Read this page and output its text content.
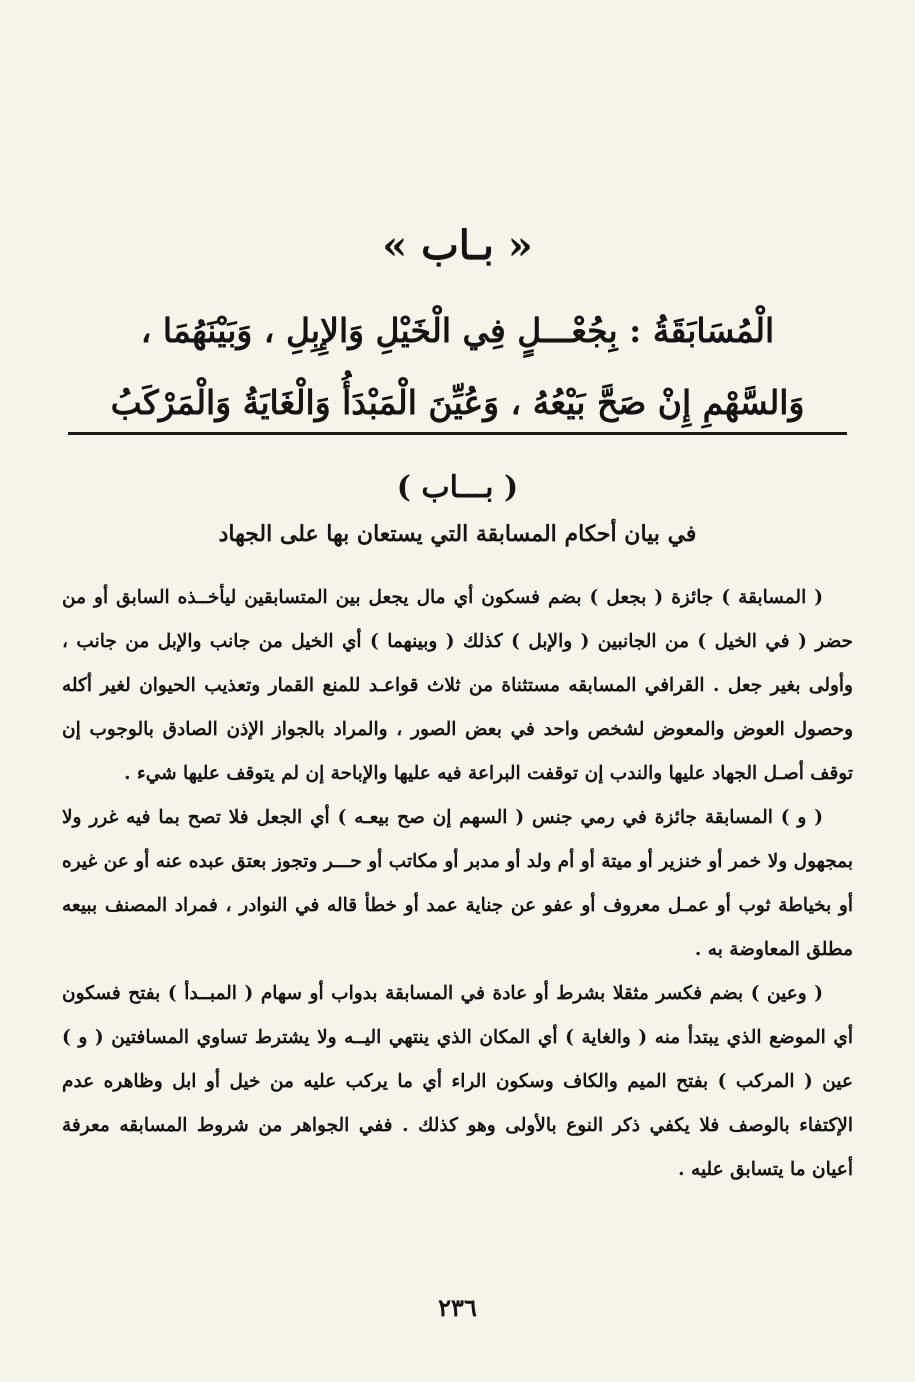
« بـاب »
الْمُسَابَقَةُ : بِجُعْـــلٍ فِي الْخَيْلِ وَالإِبِلِ ، وَبَيْنَهُمَا ، وَالسَّهْمِ إِنْ صَحَّ بَيْعُهُ ، وَعُيِّنَ الْمَبْدَأُ وَالْغَايَةُ وَالْمَرْكَبُ
( بـــاب )
في بيان أحكام المسابقة التي يستعان بها على الجهاد

( المسابقة ) جائزة ( بجعل ) بضم فسكون أي مال يجعل بين المتسابقين ليأخــذه السابق أو من حضر ( في الخيل ) من الجانبين ( والإبل ) كذلك ( وبينهما ) أي الخيل من جانب والإبل من جانب ، وأولى بغير جعل . القرافي المسابقه مستثناة من ثلاث قواعـد للمنع القمار وتعذيب الحيوان لغير أكله وحصول العوض والمعوض لشخص واحد في بعض الصور ، والمراد بالجواز الإذن الصادق بالوجوب إن توقف أصـل الجهاد عليها والندب إن توقفت البراعة فيه عليها والإباحة إن لم يتوقف عليها شيء .

( و ) المسابقة جائزة في رمي جنس ( السهم إن صح بيعـه ) أي الجعل فلا تصح بما فيه غرر ولا بمجهول ولا خمر أو خنزير أو ميتة أو أم ولد أو مدبر أو مكاتب أو حـــر وتجوز بعتق عبده عنه أو عن غيره أو بخياطة ثوب أو عمـل معروف أو عفو عن جناية عمد أو خطأ قاله في النوادر ، فمراد المصنف ببيعه مطلق المعاوضة به .

( وعين ) بضم فكسر مثقلا بشرط أو عادة في المسابقة بدواب أو سهام ( المبــدأ ) بفتح فسكون أي الموضع الذي يبتدأ منه ( والغاية ) أي المكان الذي ينتهي اليــه ولا يشترط تساوي المسافتين ( و ) عين ( المركب ) بفتح الميم والكاف وسكون الراء أي ما يركب عليه من خيل أو ابل وظاهره عدم الإكتفاء بالوصف فلا يكفي ذكر النوع بالأولى وهو كذلك . ففي الجواهر من شروط المسابقه معرفة أعيان ما يتسابق عليه .

٢٣٦
